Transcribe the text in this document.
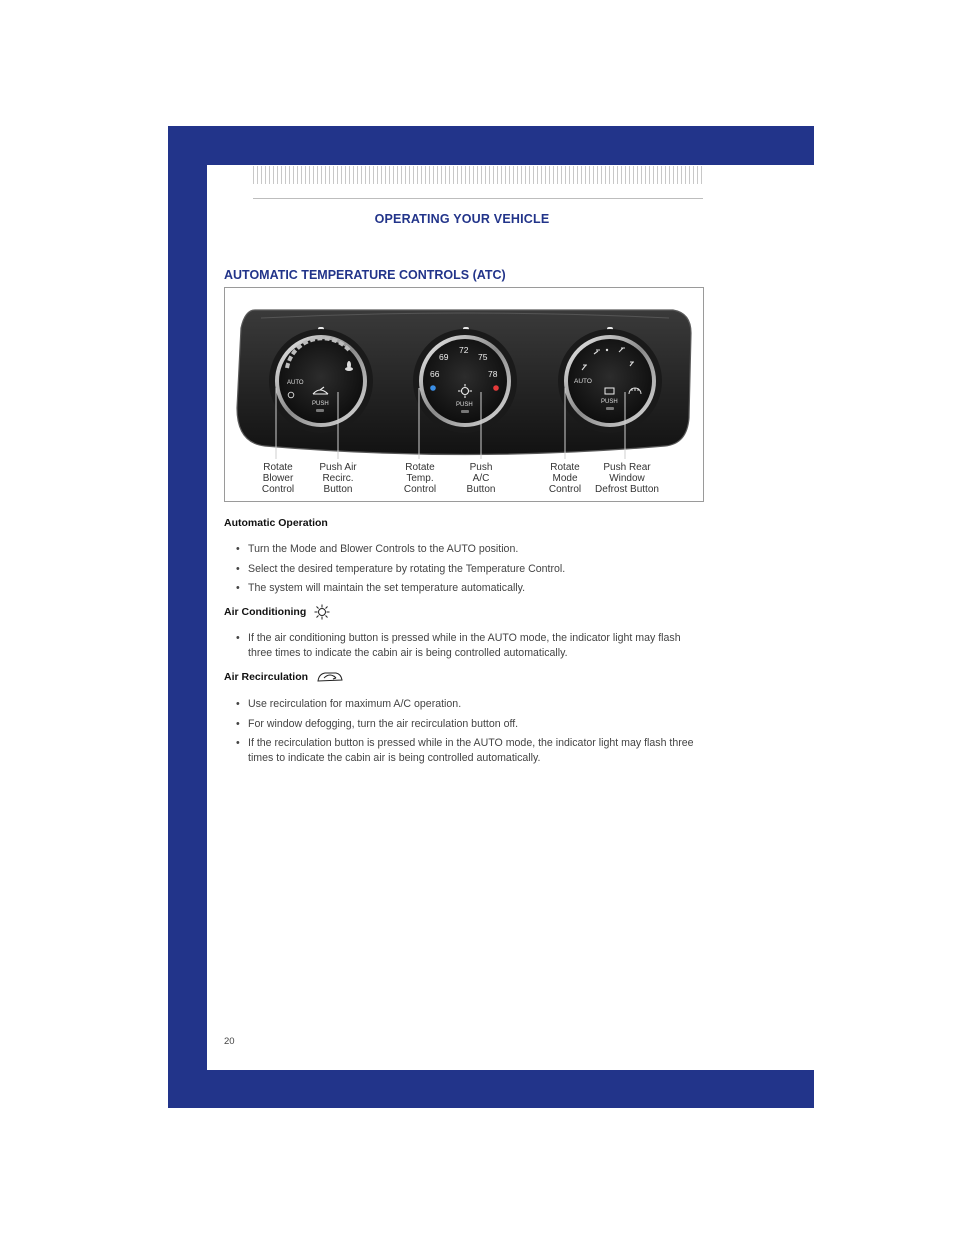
OPERATING YOUR VEHICLE
AUTOMATIC TEMPERATURE CONTROLS (ATC)
AUTO
PUSH
66
69
72
75
78
PUSH
AUTO
PUSH
Rotate
Blower
Control
Push Air
Recirc.
Button
Rotate
Temp.
Control
Push
A/C
Button
Rotate
Mode
Control
Push Rear
Window
Defrost Button
Automatic Operation
• Turn the Mode and Blower Controls to the AUTO position.
• Select the desired temperature by rotating the Temperature Control.
• The system will maintain the set temperature automatically.
Air Conditioning
• If the air conditioning button is pressed while in the AUTO mode, the indicator light may flash three times to indicate the cabin air is being controlled automatically.
Air Recirculation
• Use recirculation for maximum A/C operation.
• For window defogging, turn the air recirculation button off.
• If the recirculation button is pressed while in the AUTO mode, the indicator light may flash three times to indicate the cabin air is being controlled automatically.
20
